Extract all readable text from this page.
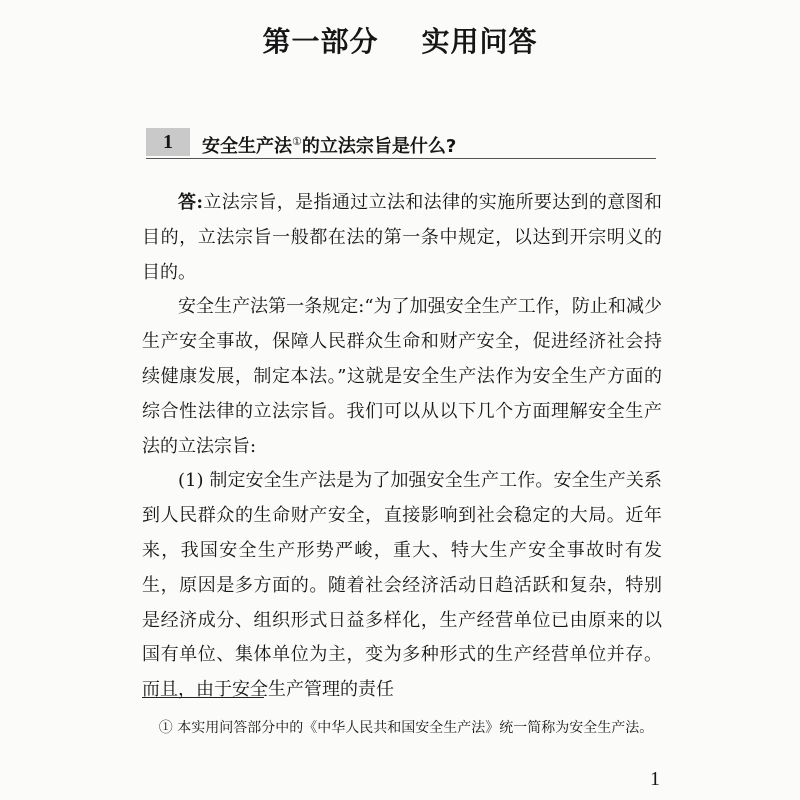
第一部分    实用问答
1	安全生产法①的立法宗旨是什么?

答:立法宗旨，是指通过立法和法律的实施所要达到的意图和目的，立法宗旨一般都在法的第一条中规定，以达到开宗明义的目的。

安全生产法第一条规定:“为了加强安全生产工作，防止和减少生产安全事故，保障人民群众生命和财产安全，促进经济社会持续健康发展，制定本法。”这就是安全生产法作为安全生产方面的综合性法律的立法宗旨。我们可以从以下几个方面理解安全生产法的立法宗旨:

(1) 制定安全生产法是为了加强安全生产工作。安全生产关系到人民群众的生命财产安全，直接影响到社会稳定的大局。近年来，我国安全生产形势严峻，重大、特大生产安全事故时有发生，原因是多方面的。随着社会经济活动日趋活跃和复杂，特别是经济成分、组织形式日益多样化，生产经营单位已由原来的以国有单位、集体单位为主，变为多种形式的生产经营单位并存。而且，由于安全生产管理的责任

① 本实用问答部分中的《中华人民共和国安全生产法》统一简称为安全生产法。

1
